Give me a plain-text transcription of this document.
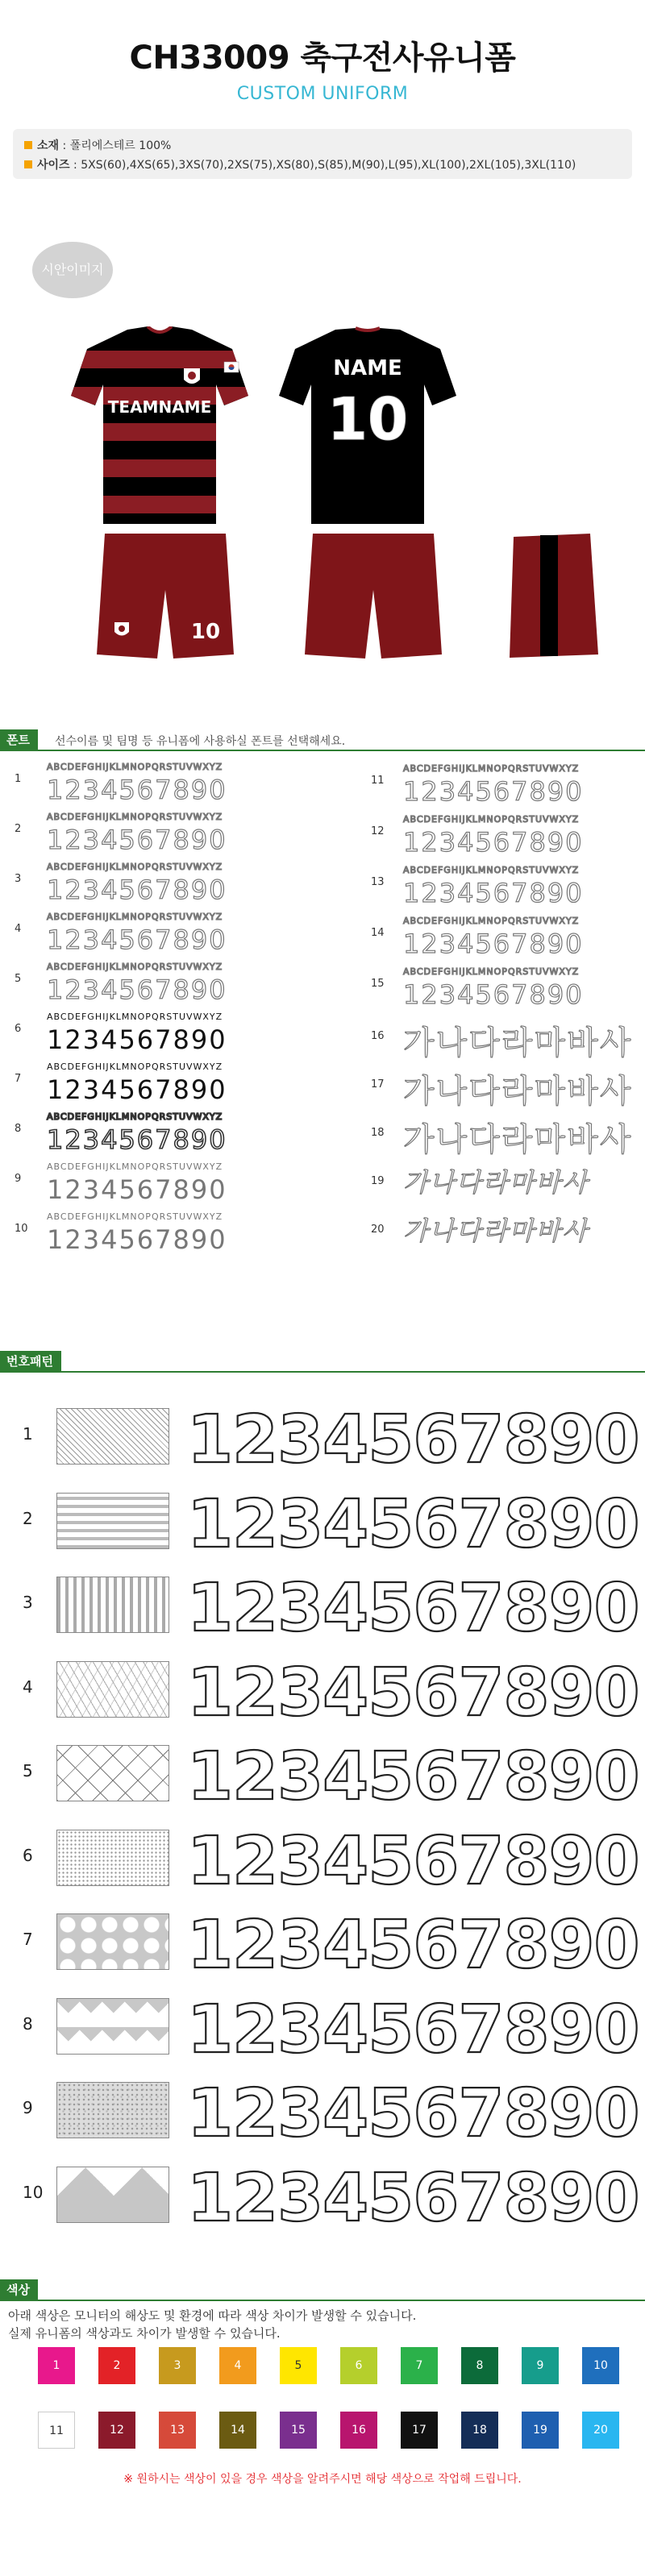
CH33009 축구전사유니폼
CUSTOM UNIFORM
소재 : 폴리에스테르 100%
사이즈 : 5XS(60),4XS(65),3XS(70),2XS(75),XS(80),S(85),M(90),L(95),XL(100),2XL(105),3XL(110)
시안이미지
TEAMNAME
NAME
10
10
폰트	선수이름 및 팀명 등 유니폼에 사용하실 폰트를 선택해세요.
1
ABCDEFGHIJKLMNOPQRSTUVWXYZ
1234567890
2
ABCDEFGHIJKLMNOPQRSTUVWXYZ
1234567890
3
ABCDEFGHIJKLMNOPQRSTUVWXYZ
1234567890
4
ABCDEFGHIJKLMNOPQRSTUVWXYZ
1234567890
5
ABCDEFGHIJKLMNOPQRSTUVWXYZ
1234567890
6
ABCDEFGHIJKLMNOPQRSTUVWXYZ
1234567890
7
ABCDEFGHIJKLMNOPQRSTUVWXYZ
1234567890
8
ABCDEFGHIJKLMNOPQRSTUVWXYZ
1234567890
9
ABCDEFGHIJKLMNOPQRSTUVWXYZ
1234567890
10
ABCDEFGHIJKLMNOPQRSTUVWXYZ
1234567890
11
ABCDEFGHIJKLMNOPQRSTUVWXYZ
1234567890
12
ABCDEFGHIJKLMNOPQRSTUVWXYZ
1234567890
13
ABCDEFGHIJKLMNOPQRSTUVWXYZ
1234567890
14
ABCDEFGHIJKLMNOPQRSTUVWXYZ
1234567890
15
ABCDEFGHIJKLMNOPQRSTUVWXYZ
1234567890
16 가나다라마바사
17 가나다라마바사
18 가나다라마바사
19 가나다라마바사
20 가나다라마바사
번호패턴
1 1234567890
2 1234567890
3 1234567890
4 1234567890
5 1234567890
6 1234567890
7 1234567890
8 1234567890
9 1234567890
10 1234567890
색상
아래 색상은 모니터의 해상도 및 환경에 따라 색상 차이가 발생할 수 있습니다.
실제 유니폼의 색상과도 차이가 발생할 수 있습니다.
1	2	3	4	5	6	7	8	9	10
11	12	13	14	15	16	17	18	19	20
※ 원하시는 색상이 있을 경우 색상을 알려주시면 해당 색상으로 작업해 드립니다.
